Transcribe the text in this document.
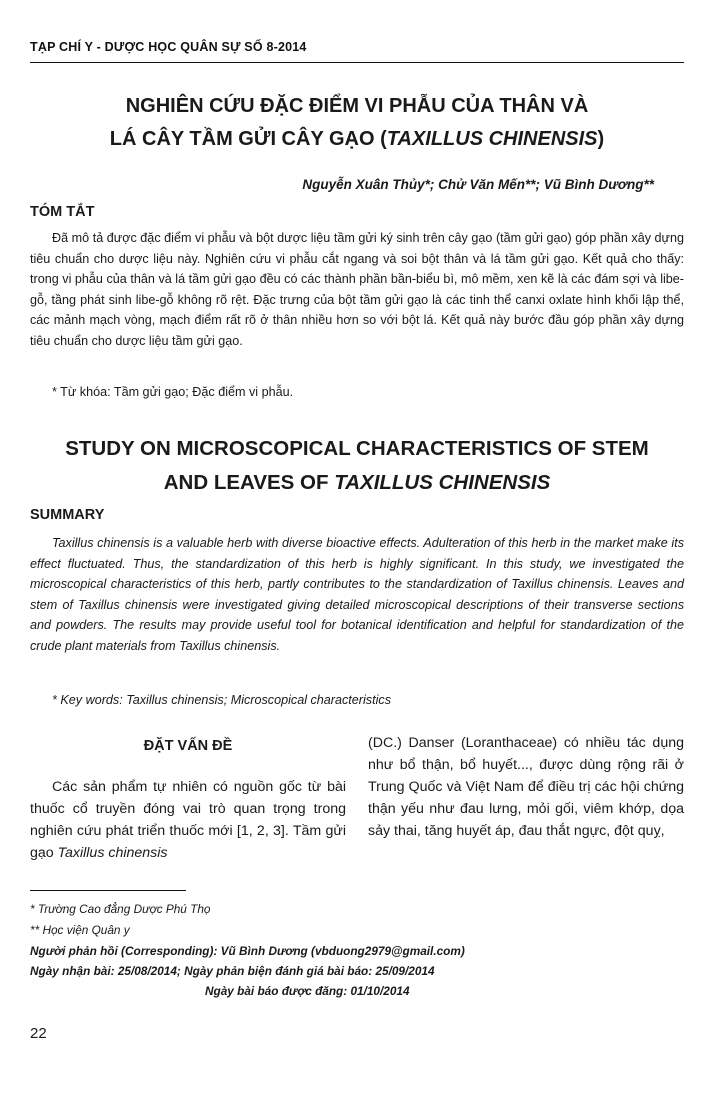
TẠP CHÍ Y - DƯỢC HỌC QUÂN SỰ SỐ 8-2014
NGHIÊN CỨU ĐẶC ĐIỂM VI PHẪU CỦA THÂN VÀ
LÁ CÂY TẦM GỬI CÂY GẠO (TAXILLUS CHINENSIS)
Nguyễn Xuân Thủy*; Chử Văn Mến**; Vũ Bình Dương**
TÓM TẮT

Đã mô tả được đặc điểm vi phẫu và bột dược liệu tầm gửi ký sinh trên cây gạo (tầm gửi gạo) góp phần xây dựng tiêu chuẩn cho dược liệu này. Nghiên cứu vi phẫu cắt ngang và soi bột thân và lá tầm gửi gạo. Kết quả cho thấy: trong vi phẫu của thân và lá tầm gửi gạo đều có các thành phần bần-biểu bì, mô mềm, xen kẽ là các đám sợi và libe-gỗ, tầng phát sinh libe-gỗ không rõ rệt. Đặc trưng của bột tầm gửi gạo là các tinh thể canxi oxlate hình khối lập thể, các mảnh mạch vòng, mạch điểm rất rõ ở thân nhiều hơn so với bột lá. Kết quả này bước đầu góp phần xây dựng tiêu chuẩn cho dược liệu tầm gửi gạo.

* Từ khóa: Tầm gửi gạo; Đặc điểm vi phẫu.
STUDY ON MICROSCOPICAL CHARACTERISTICS OF STEM
AND LEAVES OF TAXILLUS CHINENSIS
SUMMARY

Taxillus chinensis is a valuable herb with diverse bioactive effects. Adulteration of this herb in the market make its effect fluctuated. Thus, the standardization of this herb is highly significant. In this study, we investigated the microscopical characteristics of this herb, partly contributes to the standardization of Taxillus chinensis. Leaves and stem of Taxillus chinensis were investigated giving detailed microscopical descriptions of their transverse sections and powders. The results may provide useful tool for botanical identification and helpful for standardization of the crude plant materials from Taxillus chinensis.

* Key words: Taxillus chinensis; Microscopical characteristics
ĐẶT VẤN ĐỀ

Các sản phẩm tự nhiên có nguồn gốc từ bài thuốc cổ truyền đóng vai trò quan trọng trong nghiên cứu phát triển thuốc mới [1, 2, 3]. Tầm gửi gạo Taxillus chinensis

(DC.) Danser (Loranthaceae) có nhiều tác dụng như bổ thận, bổ huyết..., được dùng rộng rãi ở Trung Quốc và Việt Nam để điều trị các hội chứng thận yếu như đau lưng, mỏi gối, viêm khớp, dọa sảy thai, tăng huyết áp, đau thắt ngực, đột quỵ,

* Trường Cao đẳng Dược Phú Thọ
** Học viện Quân y
Người phản hồi (Corresponding): Vũ Bình Dương (vbduong2979@gmail.com)
Ngày nhận bài: 25/08/2014; Ngày phản biện đánh giá bài báo: 25/09/2014
Ngày bài báo được đăng: 01/10/2014
22
